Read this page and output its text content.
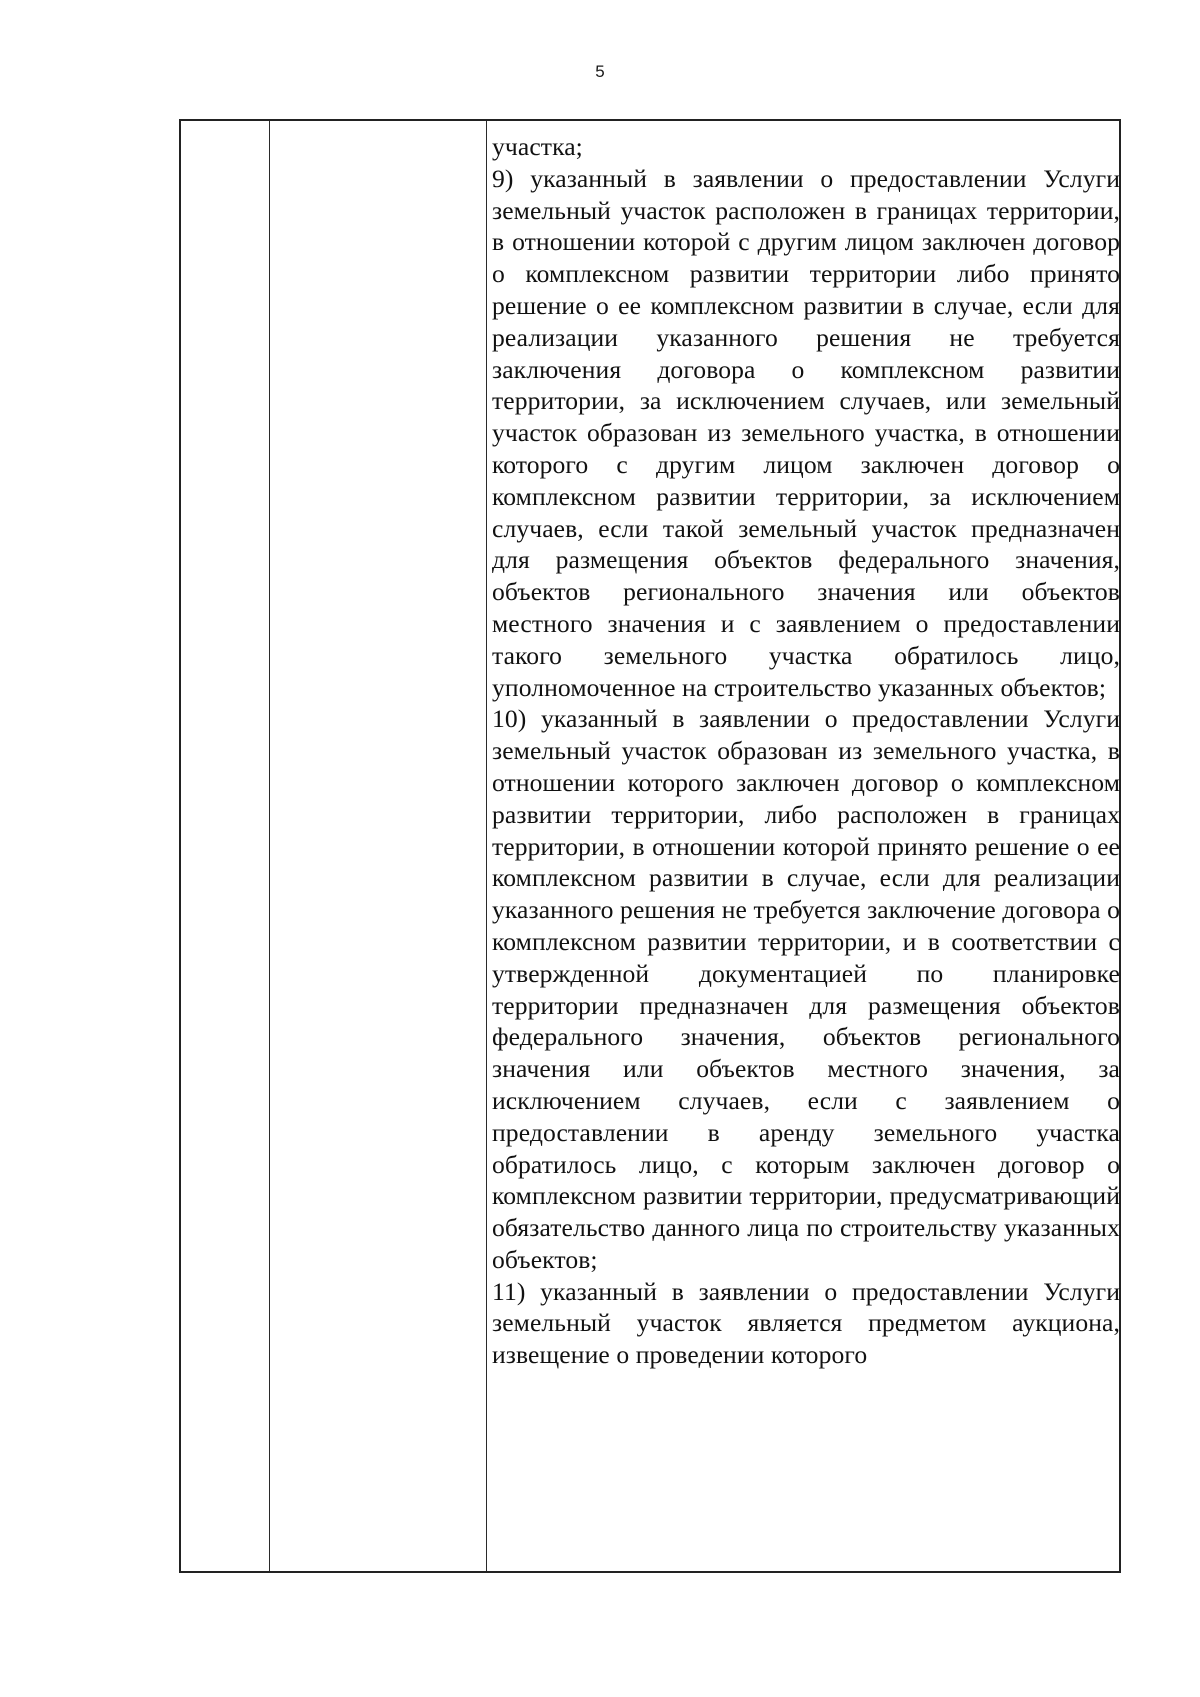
5
участка;
9) указанный в заявлении о предоставлении Услуги земельный участок расположен в границах территории, в отношении которой с другим лицом заключен договор о комплексном развитии территории либо принято решение о ее комплексном развитии в случае, если для реализации указанного решения не требуется заключения договора о комплексном развитии территории, за исключением случаев, или земельный участок образован из земельного участка, в отношении которого с другим лицом заключен договор о комплексном развитии территории, за исключением случаев, если такой земельный участок предназначен для размещения объектов федерального значения, объектов регионального значения или объектов местного значения и с заявлением о предоставлении такого земельного участка обратилось лицо, уполномоченное на строительство указанных объектов;
10) указанный в заявлении о предоставлении Услуги земельный участок образован из земельного участка, в отношении которого заключен договор о комплексном развитии территории, либо расположен в границах территории, в отношении которой принято решение о ее комплексном развитии в случае, если для реализации указанного решения не требуется заключение договора о комплексном развитии территории, и в соответствии с утвержденной документацией по планировке территории предназначен для размещения объектов федерального значения, объектов регионального значения или объектов местного значения, за исключением случаев, если с заявлением о предоставлении в аренду земельного участка обратилось лицо, с которым заключен договор о комплексном развитии территории, предусматривающий обязательство данного лица по строительству указанных объектов;
11) указанный в заявлении о предоставлении Услуги земельный участок является предметом аукциона, извещение о проведении которого
